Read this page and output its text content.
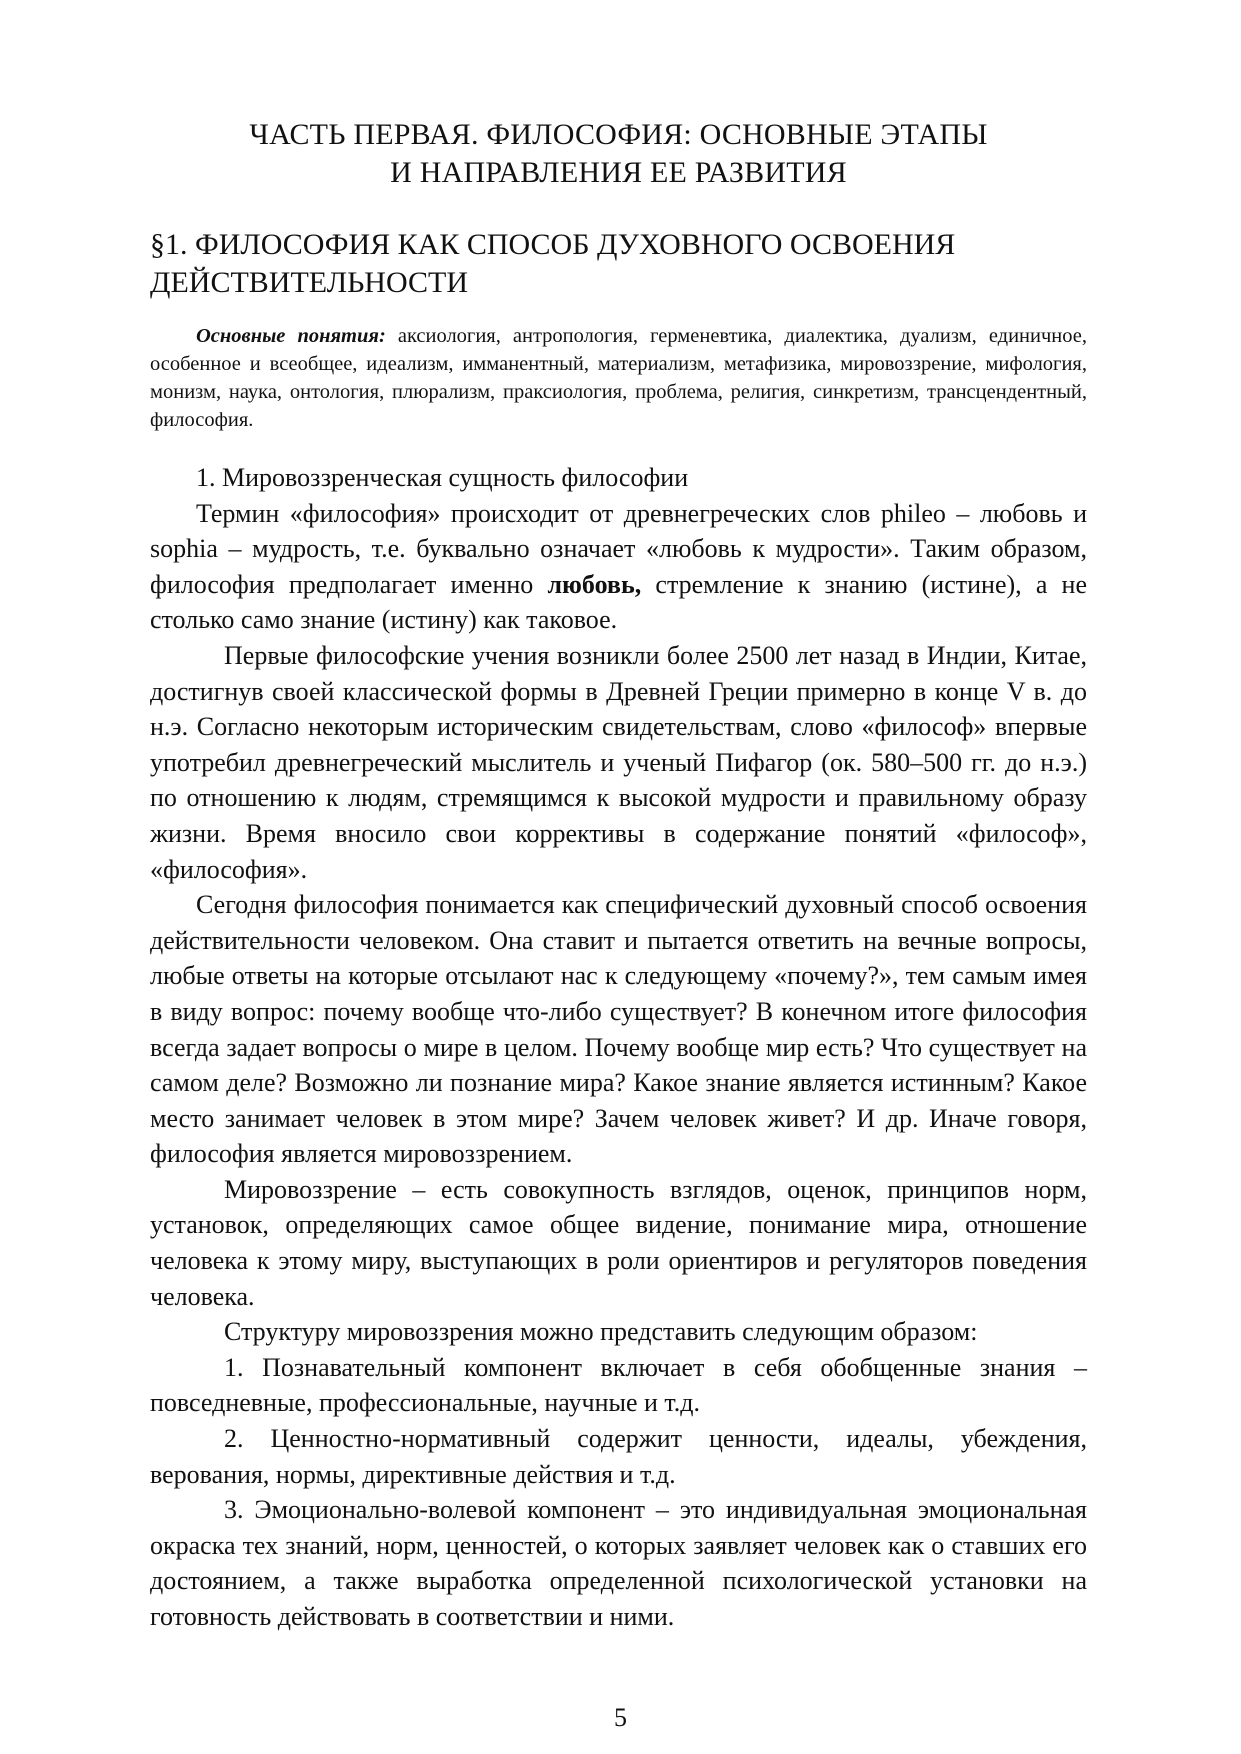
ЧАСТЬ ПЕРВАЯ. ФИЛОСОФИЯ: ОСНОВНЫЕ ЭТАПЫ
И НАПРАВЛЕНИЯ ЕЕ РАЗВИТИЯ
§1. ФИЛОСОФИЯ КАК СПОСОБ ДУХОВНОГО ОСВОЕНИЯ
ДЕЙСТВИТЕЛЬНОСТИ
Основные понятия: аксиология, антропология, герменевтика, диалектика, дуализм, единичное, особенное и всеобщее, идеализм, имманентный, материализм, метафизика, мировоззрение, мифология, монизм, наука, онтология, плюрализм, праксиология, проблема, религия, синкретизм, трансцендентный, философия.

1. Мировоззренческая сущность философии

Термин «философия» происходит от древнегреческих слов phileo – любовь и sophia – мудрость, т.е. буквально означает «любовь к мудрости». Таким образом, философия предполагает именно любовь, стремление к знанию (истине), а не столько само знание (истину) как таковое.

Первые философские учения возникли более 2500 лет назад в Индии, Китае, достигнув своей классической формы в Древней Греции примерно в конце V в. до н.э. Согласно некоторым историческим свидетельствам, слово «философ» впервые употребил древнегреческий мыслитель и ученый Пифагор (ок. 580–500 гг. до н.э.) по отношению к людям, стремящимся к высокой мудрости и правильному образу жизни. Время вносило свои коррективы в содержание понятий «философ», «философия».

Сегодня философия понимается как специфический духовный способ освоения действительности человеком. Она ставит и пытается ответить на вечные вопросы, любые ответы на которые отсылают нас к следующему «почему?», тем самым имея в виду вопрос: почему вообще что-либо существует? В конечном итоге философия всегда задает вопросы о мире в целом. Почему вообще мир есть? Что существует на самом деле? Возможно ли познание мира? Какое знание является истинным? Какое место занимает человек в этом мире? Зачем человек живет? И др. Иначе говоря, философия является мировоззрением.

Мировоззрение – есть совокупность взглядов, оценок, принципов норм, установок, определяющих самое общее видение, понимание мира, отношение человека к этому миру, выступающих в роли ориентиров и регуляторов поведения человека.

Структуру мировоззрения можно представить следующим образом:

1. Познавательный компонент включает в себя обобщенные знания – повседневные, профессиональные, научные и т.д.

2. Ценностно-нормативный содержит ценности, идеалы, убеждения, верования, нормы, директивные действия и т.д.

3. Эмоционально-волевой компонент – это индивидуальная эмоциональная окраска тех знаний, норм, ценностей, о которых заявляет человек как о ставших его достоянием, а также выработка определенной психологической установки на готовность действовать в соответствии и ними.

5
